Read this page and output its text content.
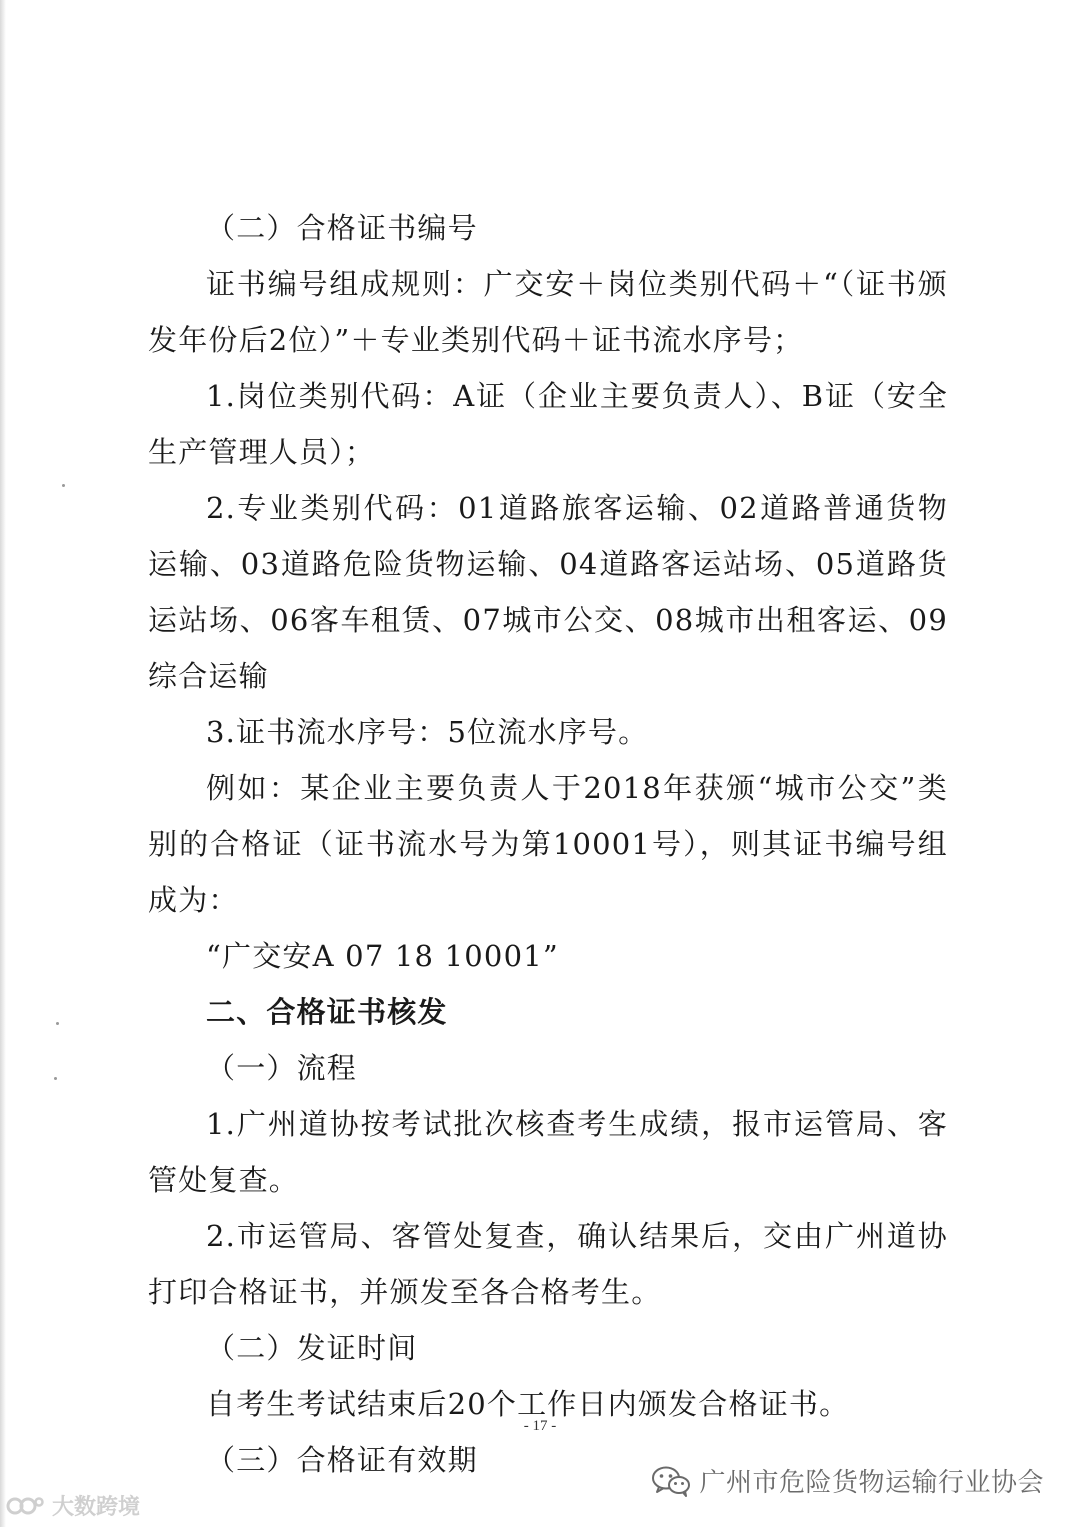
（二）合格证书编号

证书编号组成规则：广交安＋岗位类别代码＋“（证书颁发年份后2位）”＋专业类别代码＋证书流水序号；

1.岗位类别代码：A证（企业主要负责人）、B证（安全生产管理人员）；

2.专业类别代码：01道路旅客运输、02道路普通货物运输、03道路危险货物运输、04道路客运站场、05道路货运站场、06客车租赁、07城市公交、08城市出租客运、09综合运输

3.证书流水序号：5位流水序号。

例如：某企业主要负责人于2018年获颁“城市公交”类别的合格证（证书流水号为第10001号），则其证书编号组成为：

“广交安A 07 18 10001”

二、合格证书核发

（一）流程

1.广州道协按考试批次核查考生成绩，报市运管局、客管处复查。

2.市运管局、客管处复查，确认结果后，交由广州道协打印合格证书，并颁发至各合格考生。

（二）发证时间

自考生考试结束后20个工作日内颁发合格证书。

（三）合格证有效期

- 17 -
广州市危险货物运输行业协会
大数跨境
